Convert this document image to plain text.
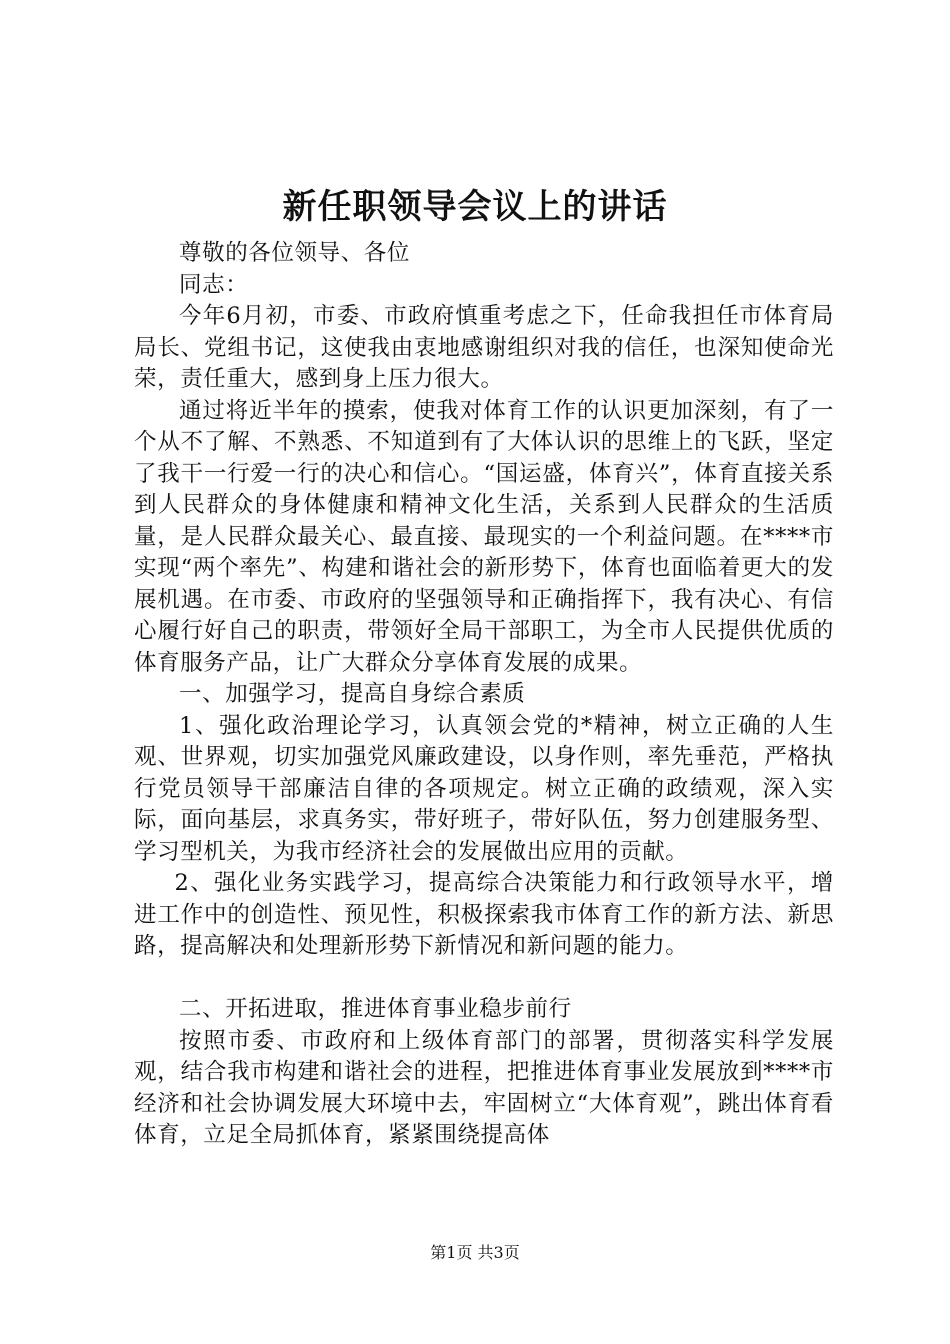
新任职领导会议上的讲话

尊敬的各位领导、各位

同志：

今年6月初，市委、市政府慎重考虑之下，任命我担任市体育局局长、党组书记，这使我由衷地感谢组织对我的信任，也深知使命光荣，责任重大，感到身上压力很大。

通过将近半年的摸索，使我对体育工作的认识更加深刻，有了一个从不了解、不熟悉、不知道到有了大体认识的思维上的飞跃，坚定了我干一行爱一行的决心和信心。“国运盛，体育兴”，体育直接关系到人民群众的身体健康和精神文化生活，关系到人民群众的生活质量，是人民群众最关心、最直接、最现实的一个利益问题。在****市实现“两个率先”、构建和谐社会的新形势下，体育也面临着更大的发展机遇。在市委、市政府的坚强领导和正确指挥下，我有决心、有信心履行好自己的职责，带领好全局干部职工，为全市人民提供优质的体育服务产品，让广大群众分享体育发展的成果。

一、加强学习，提高自身综合素质

1、强化政治理论学习，认真领会党的*精神，树立正确的人生观、世界观，切实加强党风廉政建设，以身作则，率先垂范，严格执行党员领导干部廉洁自律的各项规定。树立正确的政绩观，深入实际，面向基层，求真务实，带好班子，带好队伍，努力创建服务型、学习型机关，为我市经济社会的发展做出应用的贡献。

2、强化业务实践学习，提高综合决策能力和行政领导水平，增进工作中的创造性、预见性，积极探索我市体育工作的新方法、新思路，提高解决和处理新形势下新情况和新问题的能力。

二、开拓进取，推进体育事业稳步前行

按照市委、市政府和上级体育部门的部署，贯彻落实科学发展观，结合我市构建和谐社会的进程，把推进体育事业发展放到****市经济和社会协调发展大环境中去，牢固树立“大体育观”，跳出体育看体育，立足全局抓体育，紧紧围绕提高体

第1页 共3页
